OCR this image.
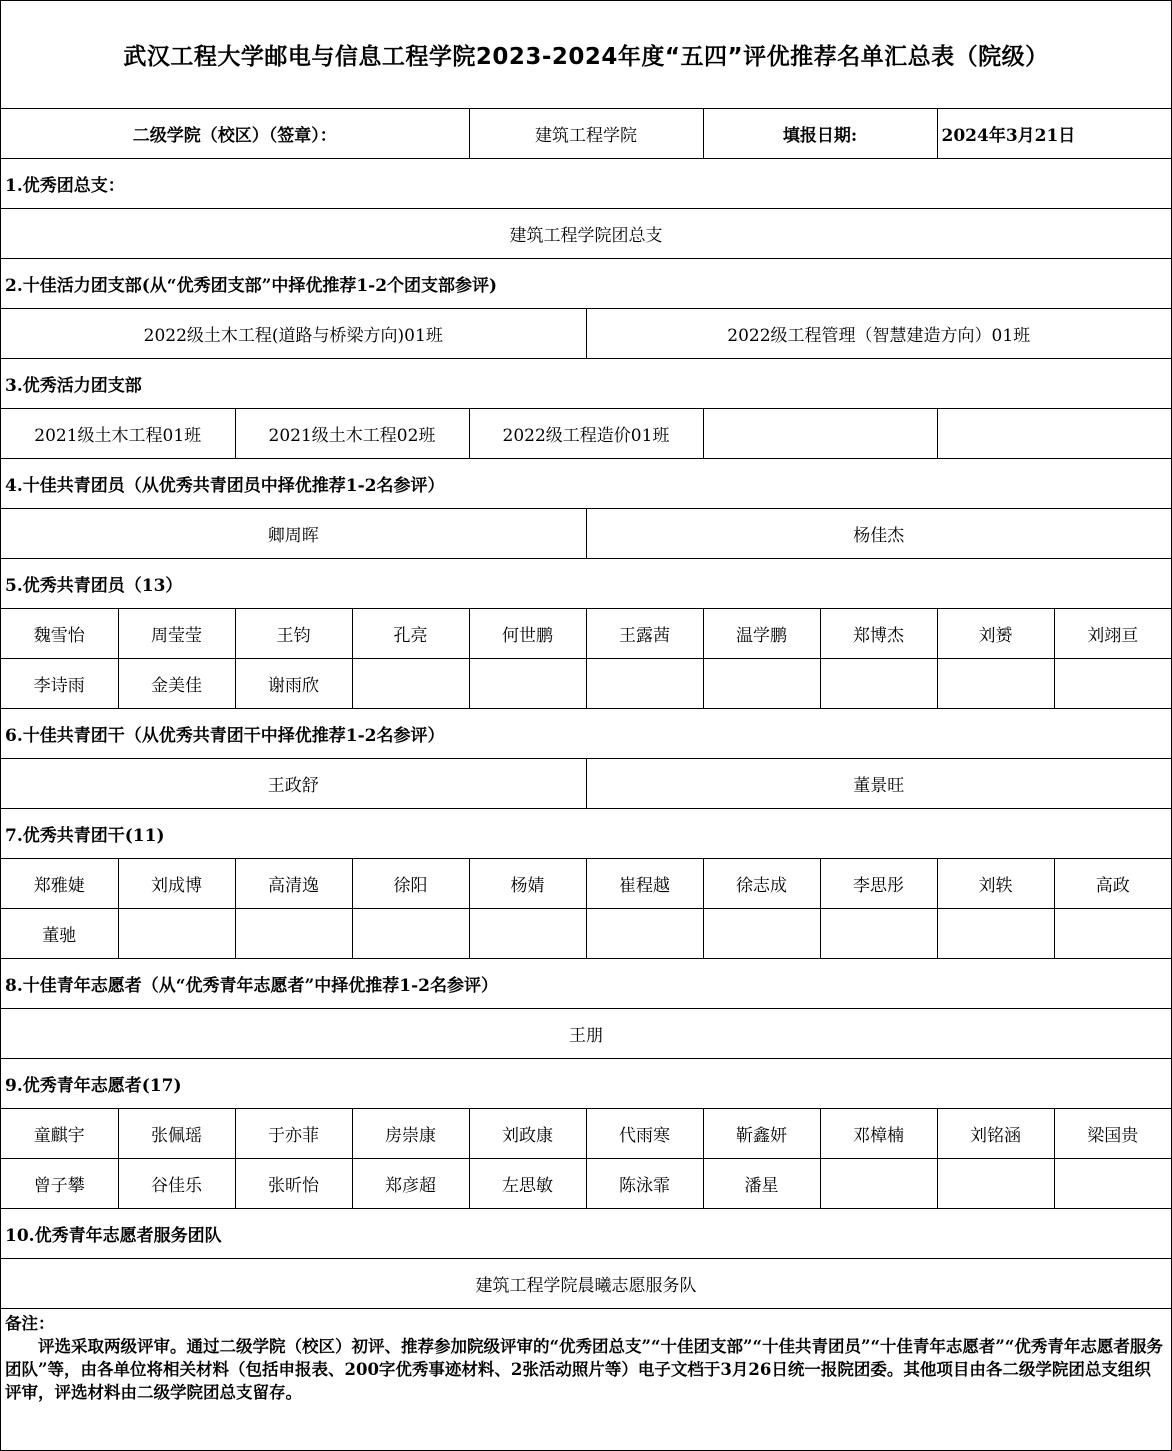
武汉工程大学邮电与信息工程学院2023-2024年度“五四”评优推荐名单汇总表（院级）									
二级学院（校区）（签章）：				建筑工程学院		填报日期:		2024年3月21日	
1.优秀团总支：									
建筑工程学院团总支									
2.十佳活力团支部(从“优秀团支部”中择优推荐1-2个团支部参评)									
2022级土木工程(道路与桥梁方向)01班					2022级工程管理（智慧建造方向）01班				
3.优秀活力团支部									
2021级土木工程01班		2021级土木工程02班		2022级工程造价01班					
4.十佳共青团员（从优秀共青团员中择优推荐1-2名参评）									
卿周晖					杨佳杰				
5.优秀共青团员（13）									
魏雪怡	周莹莹	王钧	孔亮	何世鹏	王露茜	温学鹏	郑博杰	刘赟	刘翊亘
李诗雨	金美佳	谢雨欣							
6.十佳共青团干（从优秀共青团干中择优推荐1-2名参评）									
王政舒					董景旺				
7.优秀共青团干(11)									
郑雅婕	刘成博	高清逸	徐阳	杨婧	崔程越	徐志成	李思彤	刘轶	高政
董驰									
8.十佳青年志愿者（从“优秀青年志愿者”中择优推荐1-2名参评）									
王朋									
9.优秀青年志愿者(17)									
童麒宇	张佩瑶	于亦菲	房崇康	刘政康	代雨寒	靳鑫妍	邓樟楠	刘铭涵	梁国贵
曾子攀	谷佳乐	张昕怡	郑彦超	左思敏	陈泳霏	潘星			
10.优秀青年志愿者服务团队									
建筑工程学院晨曦志愿服务队									

备注：
评选采取两级评审。通过二级学院（校区）初评、推荐参加院级评审的“优秀团总支”“十佳团支部”“十佳共青团员”“十佳青年志愿者”“优秀青年志愿者服务团队”等，由各单位将相关材料（包括申报表、200字优秀事迹材料、2张活动照片等）电子文档于3月26日统一报院团委。其他项目由各二级学院团总支组织评审，评选材料由二级学院团总支留存。									
